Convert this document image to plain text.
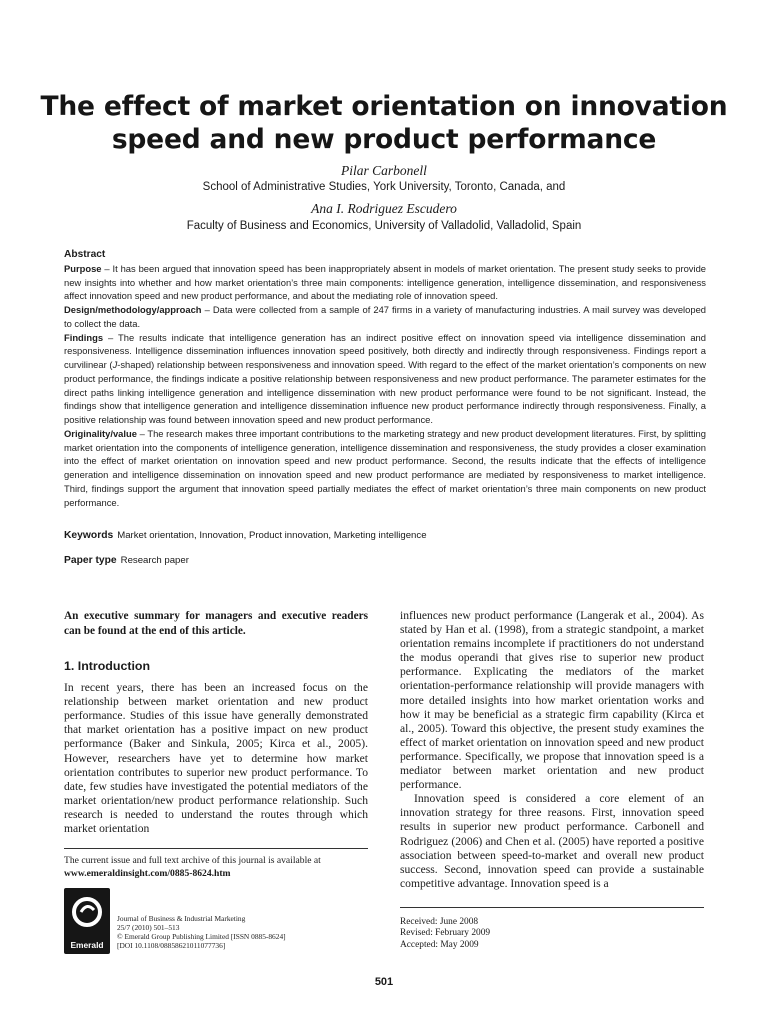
The effect of market orientation on innovation speed and new product performance
Pilar Carbonell
School of Administrative Studies, York University, Toronto, Canada, and
Ana I. Rodriguez Escudero
Faculty of Business and Economics, University of Valladolid, Valladolid, Spain

Abstract

Purpose – It has been argued that innovation speed has been inappropriately absent in models of market orientation. The present study seeks to provide new insights into whether and how market orientation’s three main components: intelligence generation, intelligence dissemination, and responsiveness affect innovation speed and new product performance, and about the mediating role of innovation speed.

Design/methodology/approach – Data were collected from a sample of 247 firms in a variety of manufacturing industries. A mail survey was developed to collect the data.

Findings – The results indicate that intelligence generation has an indirect positive effect on innovation speed via intelligence dissemination and responsiveness. Intelligence dissemination influences innovation speed positively, both directly and indirectly through responsiveness. Findings report a curvilinear (J-shaped) relationship between responsiveness and innovation speed. With regard to the effect of the market orientation’s components on new product performance, the findings indicate a positive relationship between responsiveness and new product performance. The parameter estimates for the direct paths linking intelligence generation and intelligence dissemination with new product performance were found to be not significant. Instead, the findings show that intelligence generation and intelligence dissemination influence new product performance indirectly through responsiveness. Finally, a positive relationship was found between innovation speed and new product performance.

Originality/value – The research makes three important contributions to the marketing strategy and new product development literatures. First, by splitting market orientation into the components of intelligence generation, intelligence dissemination and responsiveness, the study provides a closer examination into the effect of market orientation on innovation speed and new product performance. Second, the results indicate that the effects of intelligence generation and intelligence dissemination on innovation speed and new product performance are mediated by responsiveness to market intelligence. Third, findings support the argument that innovation speed partially mediates the effect of market orientation’s three main components on new product performance.

Keywords Market orientation, Innovation, Product innovation, Marketing intelligence
Paper type Research paper

An executive summary for managers and executive readers can be found at the end of this article.

1. Introduction

In recent years, there has been an increased focus on the relationship between market orientation and new product performance. Studies of this issue have generally demonstrated that market orientation has a positive impact on new product performance (Baker and Sinkula, 2005; Kirca et al., 2005). However, researchers have yet to determine how market orientation contributes to superior new product performance. To date, few studies have investigated the potential mediators of the market orientation/new product performance relationship. Such research is needed to understand the routes through which market orientation

The current issue and full text archive of this journal is available at
www.emeraldinsight.com/0885-8624.htm
Emerald
Journal of Business & Industrial Marketing
25/7 (2010) 501–513
© Emerald Group Publishing Limited [ISSN 0885-8624]
[DOI 10.1108/08858621011077736]

influences new product performance (Langerak et al., 2004). As stated by Han et al. (1998), from a strategic standpoint, a market orientation remains incomplete if practitioners do not understand the modus operandi that gives rise to superior new product performance. Explicating the mediators of the market orientation-performance relationship will provide managers with more detailed insights into how market orientation works and how it may be beneficial as a strategic firm capability (Kirca et al., 2005). Toward this objective, the present study examines the effect of market orientation on innovation speed and new product performance. Specifically, we propose that innovation speed is a mediator between market orientation and new product performance.

Innovation speed is considered a core element of an innovation strategy for three reasons. First, innovation speed results in superior new product performance. Carbonell and Rodriguez (2006) and Chen et al. (2005) have reported a positive association between speed-to-market and overall new product success. Second, innovation speed can provide a sustainable competitive advantage. Innovation speed is a

Received: June 2008
Revised: February 2009
Accepted: May 2009
501
